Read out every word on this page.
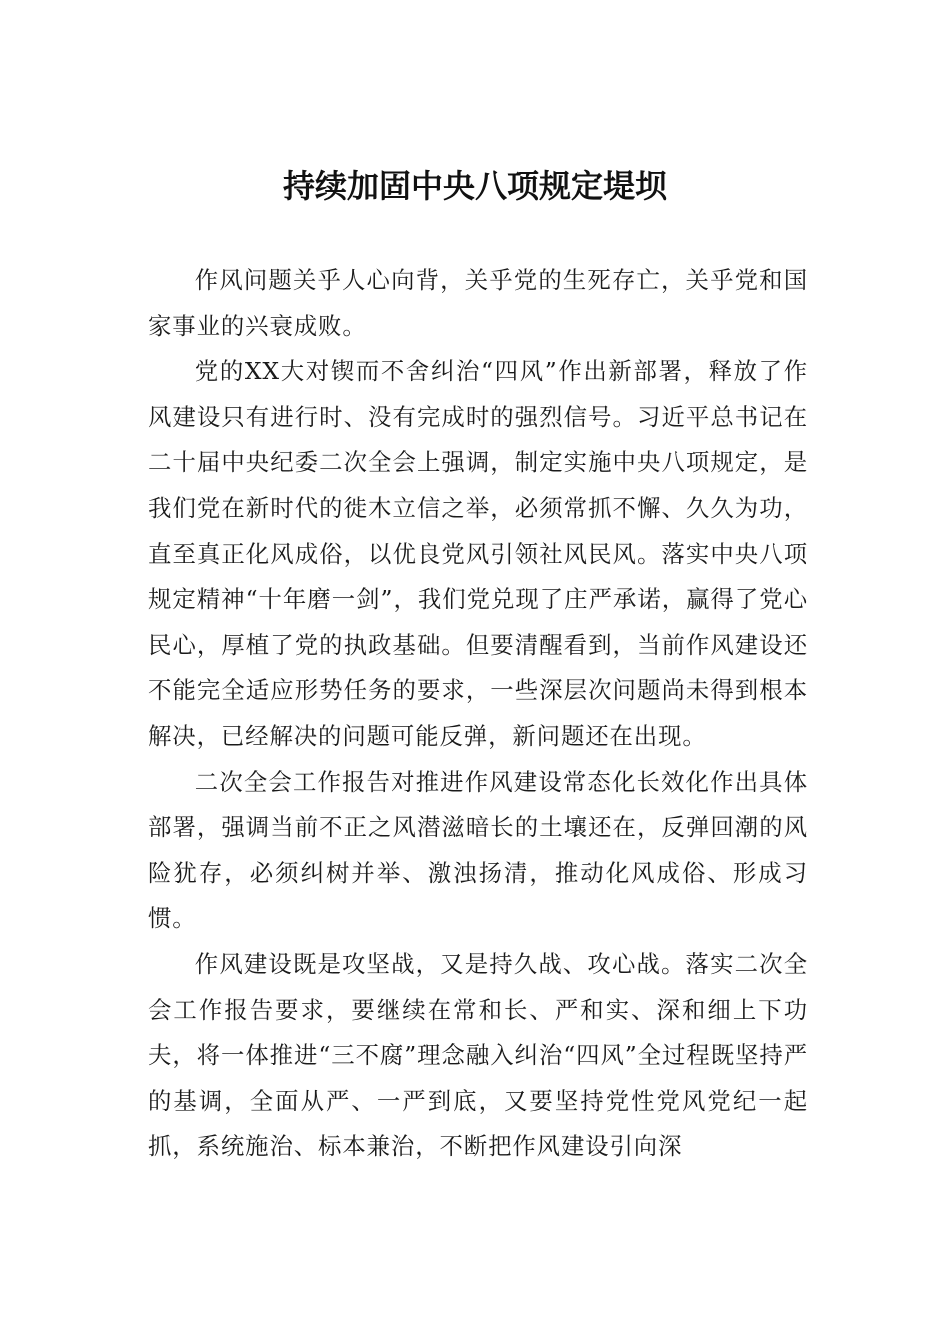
持续加固中央八项规定堤坝

作风问题关乎人心向背，关乎党的生死存亡，关乎党和国家事业的兴衰成败。

党的XX大对锲而不舍纠治“四风”作出新部署，释放了作风建设只有进行时、没有完成时的强烈信号。习近平总书记在二十届中央纪委二次全会上强调，制定实施中央八项规定，是我们党在新时代的徙木立信之举，必须常抓不懈、久久为功，直至真正化风成俗，以优良党风引领社风民风。落实中央八项规定精神“十年磨一剑”，我们党兑现了庄严承诺，赢得了党心民心，厚植了党的执政基础。但要清醒看到，当前作风建设还不能完全适应形势任务的要求，一些深层次问题尚未得到根本解决，已经解决的问题可能反弹，新问题还在出现。

二次全会工作报告对推进作风建设常态化长效化作出具体部署，强调当前不正之风潜滋暗长的土壤还在，反弹回潮的风险犹存，必须纠树并举、激浊扬清，推动化风成俗、形成习惯。

作风建设既是攻坚战，又是持久战、攻心战。落实二次全会工作报告要求，要继续在常和长、严和实、深和细上下功夫，将一体推进“三不腐”理念融入纠治“四风”全过程既坚持严的基调，全面从严、一严到底，又要坚持党性党风党纪一起抓，系统施治、标本兼治，不断把作风建设引向深
